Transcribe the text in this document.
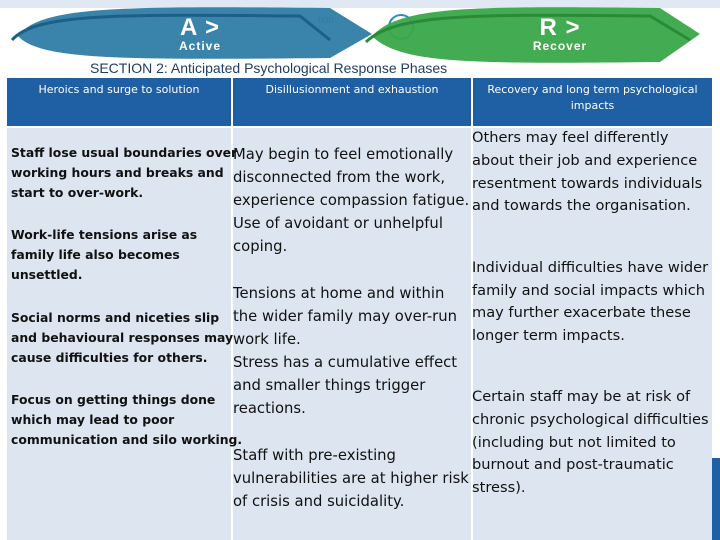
A >
Active
R >
Recover
SECTION 2: Anticipated Psychological Response Phases
Heroics and surge to solution	Disillusionment and exhaustion	Recovery and long term psychological impacts
Staff lose usual boundaries over
working hours and breaks and
start to over-work.
Work-life tensions arise as
family life also becomes
unsettled.
Social norms and niceties slip
and behavioural responses may
cause difficulties for others.
Focus on getting things done
which may lead to poor
communication and silo working.
May begin to feel emotionally
disconnected from the work,
experience compassion fatigue.
Use of avoidant or unhelpful
coping.
Tensions at home and within
the wider family may over-run
work life.
Stress has a cumulative effect
and smaller things trigger
reactions.
Staff with pre-existing
vulnerabilities are at higher risk
of crisis and suicidality.
Others may feel differently
about their job and experience
resentment towards individuals
and towards the organisation.
Individual difficulties have wider
family and social impacts which
may further exacerbate these
longer term impacts.
Certain staff may be at risk of
chronic psychological difficulties
(including but not limited to
burnout and post-traumatic
stress).
